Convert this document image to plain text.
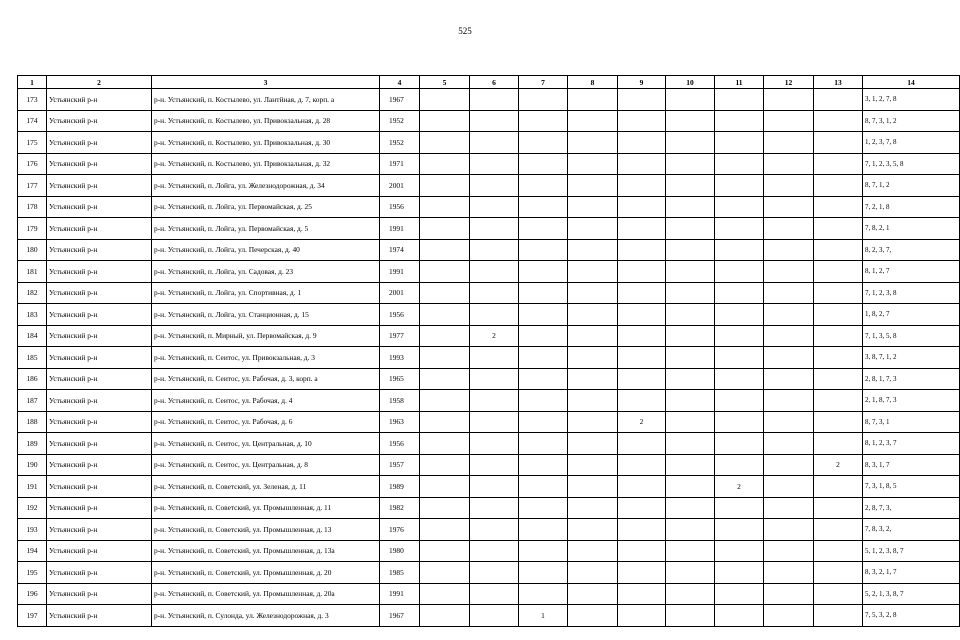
525
1	2	3	4	5	6	7	8	9	10	11	12	13	14
173	Устьянский р-н	р-н. Устьянский, п. Костылево, ул. Лантйная, д. 7, корп. а	1967										3, 1, 2, 7, 8
174	Устьянский р-н	р-н. Устьянский, п. Костылево, ул. Привокзальная, д. 28	1952										8, 7, 3, 1, 2
175	Устьянский р-н	р-н. Устьянский, п. Костылево, ул. Привокзальная, д. 30	1952										1, 2, 3, 7, 8
176	Устьянский р-н	р-н. Устьянский, п. Костылево, ул. Привокзальная, д. 32	1971										7, 1, 2, 3, 5, 8
177	Устьянский р-н	р-н. Устьянский, п. Лойга, ул. Железнодорожная, д. 34	2001										8, 7, 1, 2
178	Устьянский р-н	р-н. Устьянский, п. Лойга, ул. Первомайская, д. 25	1956										7, 2, 1, 8
179	Устьянский р-н	р-н. Устьянский, п. Лойга, ул. Первомайская, д. 5	1991										7, 8, 2, 1
180	Устьянский р-н	р-н. Устьянский, п. Лойга, ул. Печерская, д. 40	1974										8, 2, 3, 7,
181	Устьянский р-н	р-н. Устьянский, п. Лойга, ул. Садовая, д. 23	1991										8, 1, 2, 7
182	Устьянский р-н	р-н. Устьянский, п. Лойга, ул. Спортивная, д. 1	2001										7, 1, 2, 3, 8
183	Устьянский р-н	р-н. Устьянский, п. Лойга, ул. Станционная, д. 15	1956										1, 8, 2, 7
184	Устьянский р-н	р-н. Устьянский, п. Мирный, ул. Первомайская, д. 9	1977		2								7, 1, 3, 5, 8
185	Устьянский р-н	р-н. Устьянский, п. Сеитос, ул. Привокзальная, д. 3	1993										3, 8, 7, 1, 2
186	Устьянский р-н	р-н. Устьянский, п. Сеитос, ул. Рабочая, д. 3, корп. а	1965										2, 8, 1, 7, 3
187	Устьянский р-н	р-н. Устьянский, п. Сеитос, ул. Рабочая, д. 4	1958										2, 1, 8, 7, 3
188	Устьянский р-н	р-н. Устьянский, п. Сеитос, ул. Рабочая, д. 6	1963					2					8, 7, 3, 1
189	Устьянский р-н	р-н. Устьянский, п. Сеитос, ул. Центральная, д. 10	1956										8, 1, 2, 3, 7
190	Устьянский р-н	р-н. Устьянский, п. Сеитос, ул. Центральная, д. 8	1957									2	8, 3, 1, 7
191	Устьянский р-н	р-н. Устьянский, п. Советский, ул. Зеленая, д. 11	1989							2			7, 3, 1, 8, 5
192	Устьянский р-н	р-н. Устьянский, п. Советский, ул. Промышленная, д. 11	1982										2, 8, 7, 3,
193	Устьянский р-н	р-н. Устьянский, п. Советский, ул. Промышленная, д. 13	1976										7, 8, 3, 2,
194	Устьянский р-н	р-н. Устьянский, п. Советский, ул. Промышленная, д. 13а	1980										5, 1, 2, 3, 8, 7
195	Устьянский р-н	р-н. Устьянский, п. Советский, ул. Промышленная, д. 20	1985										8, 3, 2, 1, 7
196	Устьянский р-н	р-н. Устьянский, п. Советский, ул. Промышленная, д. 20а	1991										5, 2, 1, 3, 8, 7
197	Устьянский р-н	р-н. Устьянский, п. Сулонда, ул. Железнодорожная, д. 3	1967			1							7, 5, 3, 2, 8
